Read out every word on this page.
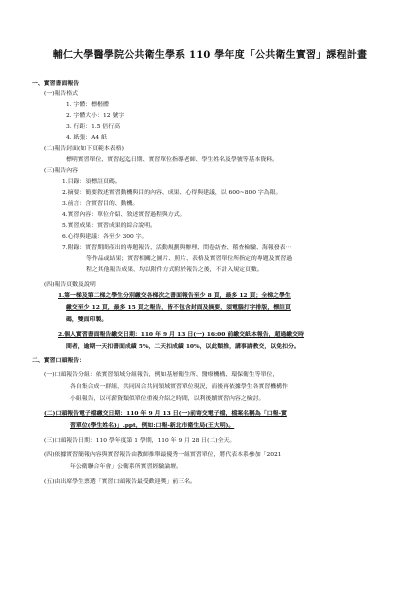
輔仁大學醫學院公共衛生學系 110 學年度「公共衛生實習」課程計畫
一、實習書面報告
(一)報告格式
1. 字體：標楷體
2. 字體大小：12 號字
3. 行距：1.5 倍行高
4. 紙張：A4 紙
(二)報告封面(如下頁範本表格)
標明實習單位、實習起迄日期、實習單位指導老師、學生姓名及學號等基本資料。
(三)報告內容
1.目錄：須標註頁碼。
2.摘要：簡要敘述實習動機與目的內容、成果、心得與建議，以 600~800 字為限。
3.前言：含實習目的、動機。
4.實習內容：單位介紹、敘述實習過程與方式。
5.實習成果：實習成果的綜合說明。
6.心得與建議：各至少 300 字。
7.附錄：實習期間產出的專題報告、活動規劃與辦理、問卷訪查、稽查檢驗、海報發表⋯
等作品或結果；實習相關之圖片、照片、表格及實習單位所指定的專題及實習過
程之其他報告成果，均以附件方式附於報告之後，不計入規定頁數。
(四)報告頁數及說明
1.第一梯及第二梯之學生分別繳交各梯次之書面報告至少 8 頁，最多 12 頁；全梯之學生
繳交至少 12 頁，最多 15 頁之報告，皆不包含封面及摘要，須電腦打字排版，標註頁
碼，雙面印製。
2.個人實習書面報告繳交日期：110 年 9 月 13 日(一) 16:00 前繳交紙本報告，超過繳交時
間者，逾期一天扣書面成績 5%，二天扣成績 10%，以此類推，講事請教交，以免扣分。
二、實習口頭報告：
(一)口頭報告分組：依實習領域分組報告，例如基層衛生所、醫療機構、環保衛生等單位，
各自集合成一群組，共同因合共同領域實習單位現況，而後再依據學生各實習機構作
小組報告，以可薪資類似單位重複介紹之時間，以利後續實習內容之檢討。
(二)口頭報告電子檔繳交日期：110 年 9 月 13 日(一)前寄交電子檔，檔案名稱為「口報-實
習單位(學生姓名)」.ppt，例如:口報-新北市衛生局(王大明)。
(三)口頭報告日期：110 學年度第 1 學期，110 年 9 月 28 日(二)全天。
(四)依據實習簡報內容與實習報告由教師推舉最優秀一組實習單位，將代表本系參加「2021
年公衛聯合年會」公衛系所實習經驗論壇。
(五)由出席學生票選「實習口頭報告最受歡迎獎」前三名。
